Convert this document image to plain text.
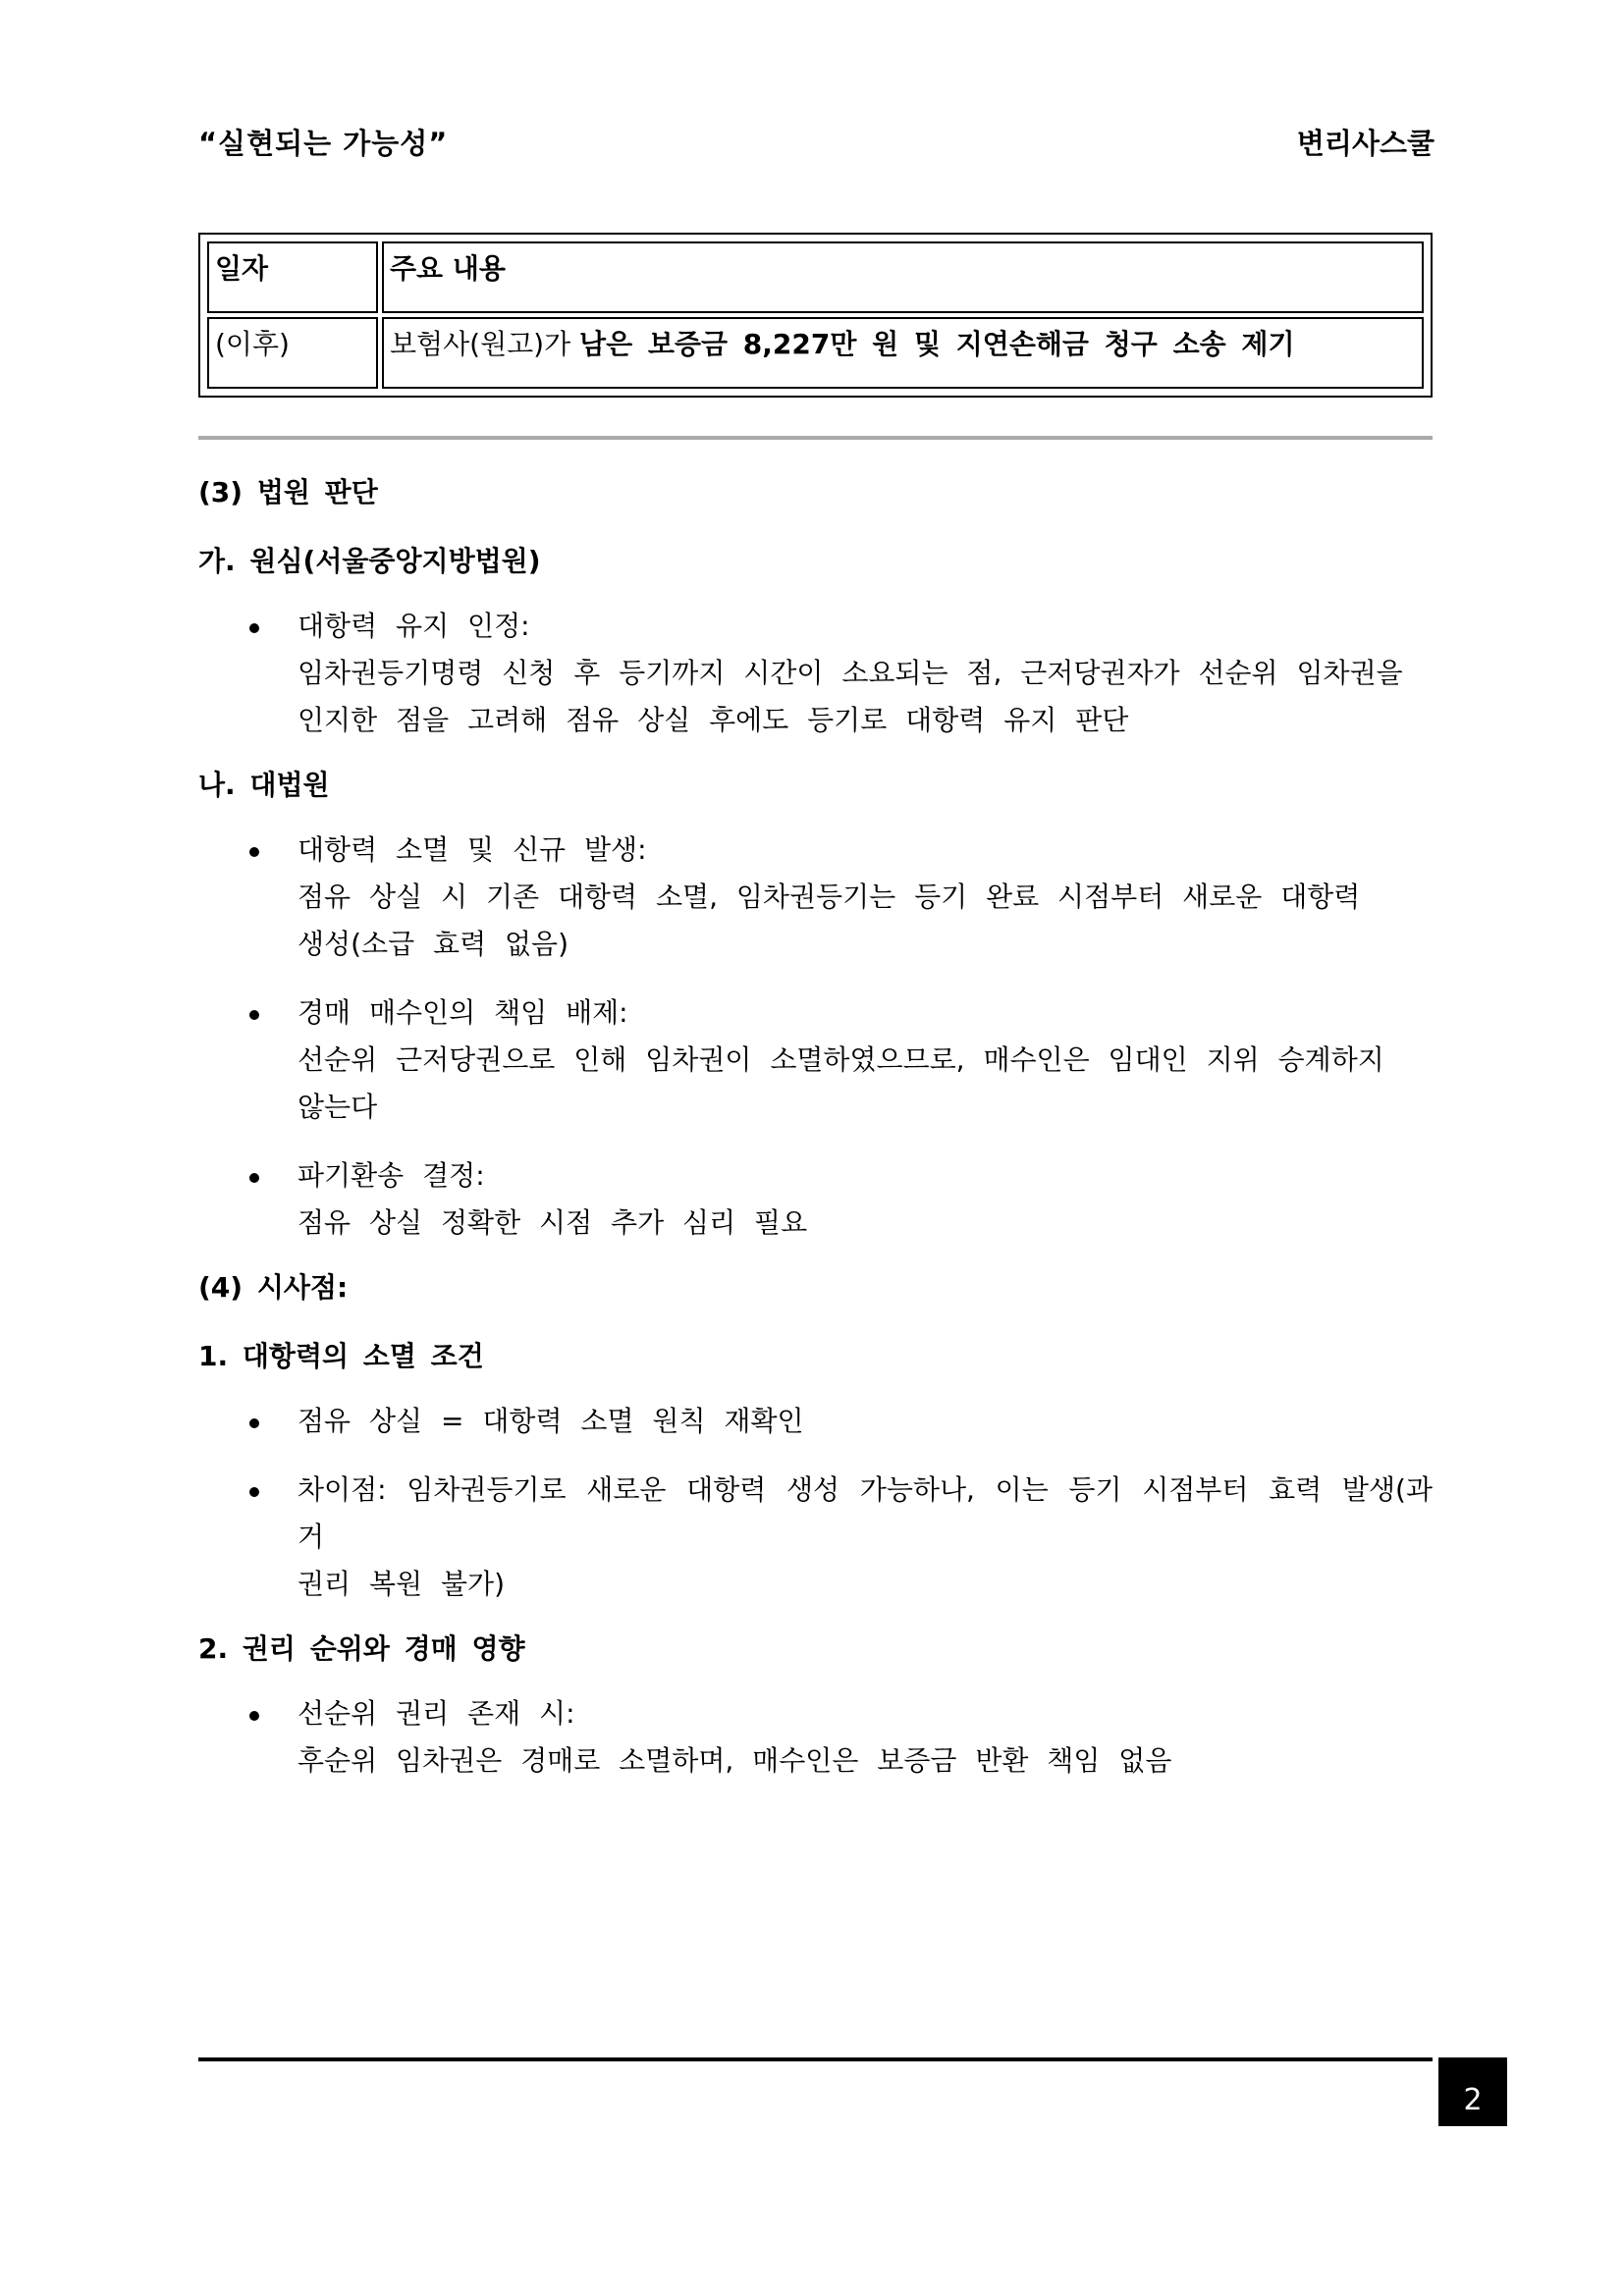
“실현되는 가능성”	변리사스쿨
일자	주요 내용
(이후)	보험사(원고)가 남은 보증금 8,227만 원 및 지연손해금 청구 소송 제기
(3) 법원 판단
가. 원심(서울중앙지방법원)
대항력 유지 인정:
임차권등기명령 신청 후 등기까지 시간이 소요되는 점, 근저당권자가 선순위 임차권을
인지한 점을 고려해 점유 상실 후에도 등기로 대항력 유지 판단
나. 대법원
대항력 소멸 및 신규 발생:
점유 상실 시 기존 대항력 소멸, 임차권등기는 등기 완료 시점부터 새로운 대항력
생성(소급 효력 없음)
경매 매수인의 책임 배제:
선순위 근저당권으로 인해 임차권이 소멸하였으므로, 매수인은 임대인 지위 승계하지
않는다
파기환송 결정:
점유 상실 정확한 시점 추가 심리 필요
(4) 시사점:
1. 대항력의 소멸 조건
점유 상실 = 대항력 소멸 원칙 재확인
차이점: 임차권등기로 새로운 대항력 생성 가능하나, 이는 등기 시점부터 효력 발생(과거
권리 복원 불가)
2. 권리 순위와 경매 영향
선순위 권리 존재 시:
후순위 임차권은 경매로 소멸하며, 매수인은 보증금 반환 책임 없음
2
